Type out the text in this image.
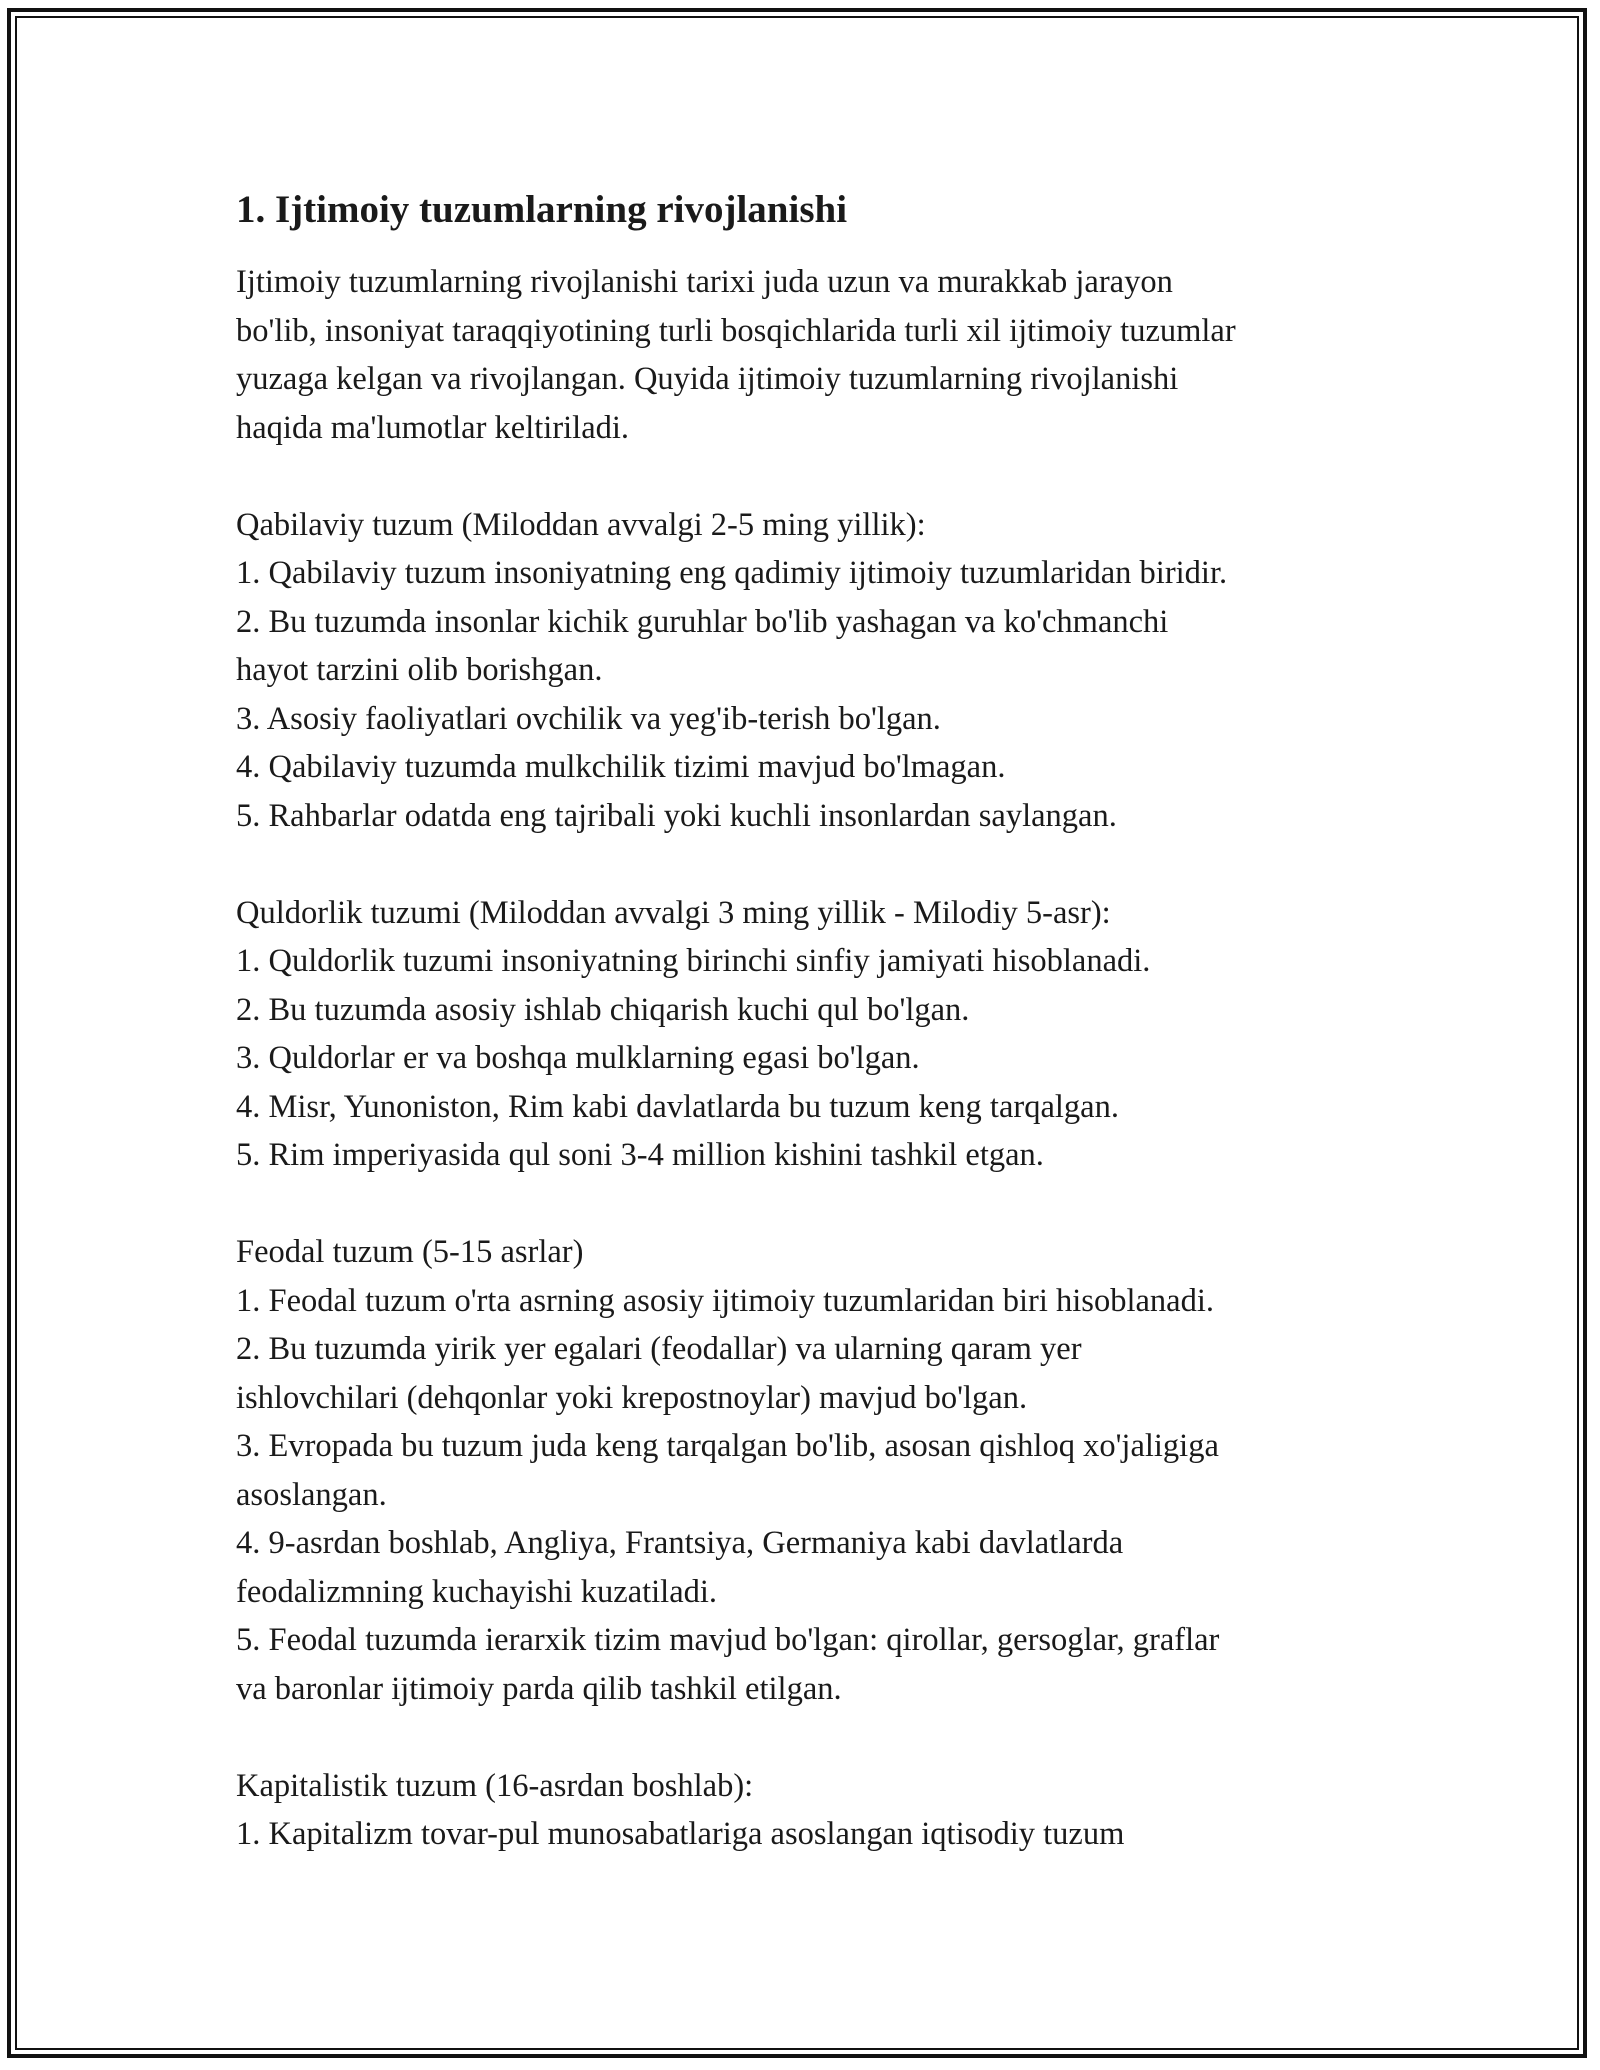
1. Ijtimoiy tuzumlarning rivojlanishi

Ijtimoiy tuzumlarning rivojlanishi tarixi juda uzun va murakkab jarayon
bo'lib, insoniyat taraqqiyotining turli bosqichlarida turli xil ijtimoiy tuzumlar
yuzaga kelgan va rivojlangan. Quyida ijtimoiy tuzumlarning rivojlanishi
haqida ma'lumotlar keltiriladi.

Qabilaviy tuzum (Miloddan avvalgi 2-5 ming yillik):
1. Qabilaviy tuzum insoniyatning eng qadimiy ijtimoiy tuzumlaridan biridir.
2. Bu tuzumda insonlar kichik guruhlar bo'lib yashagan va ko'chmanchi
hayot tarzini olib borishgan.
3. Asosiy faoliyatlari ovchilik va yeg'ib-terish bo'lgan.
4. Qabilaviy tuzumda mulkchilik tizimi mavjud bo'lmagan.
5. Rahbarlar odatda eng tajribali yoki kuchli insonlardan saylangan.

Quldorlik tuzumi (Miloddan avvalgi 3 ming yillik - Milodiy 5-asr):
1. Quldorlik tuzumi insoniyatning birinchi sinfiy jamiyati hisoblanadi.
2. Bu tuzumda asosiy ishlab chiqarish kuchi qul bo'lgan.
3. Quldorlar er va boshqa mulklarning egasi bo'lgan.
4. Misr, Yunoniston, Rim kabi davlatlarda bu tuzum keng tarqalgan.
5. Rim imperiyasida qul soni 3-4 million kishini tashkil etgan.

Feodal tuzum (5-15 asrlar)
1. Feodal tuzum o'rta asrning asosiy ijtimoiy tuzumlaridan biri hisoblanadi.
2. Bu tuzumda yirik yer egalari (feodallar) va ularning qaram yer
ishlovchilari (dehqonlar yoki krepostnoylar) mavjud bo'lgan.
3. Evropada bu tuzum juda keng tarqalgan bo'lib, asosan qishloq xo'jaligiga
asoslangan.
4. 9-asrdan boshlab, Angliya, Frantsiya, Germaniya kabi davlatlarda
feodalizmning kuchayishi kuzatiladi.
5. Feodal tuzumda ierarxik tizim mavjud bo'lgan: qirollar, gersoglar, graflar
va baronlar ijtimoiy parda qilib tashkil etilgan.

Kapitalistik tuzum (16-asrdan boshlab):
1. Kapitalizm tovar-pul munosabatlariga asoslangan iqtisodiy tuzum
